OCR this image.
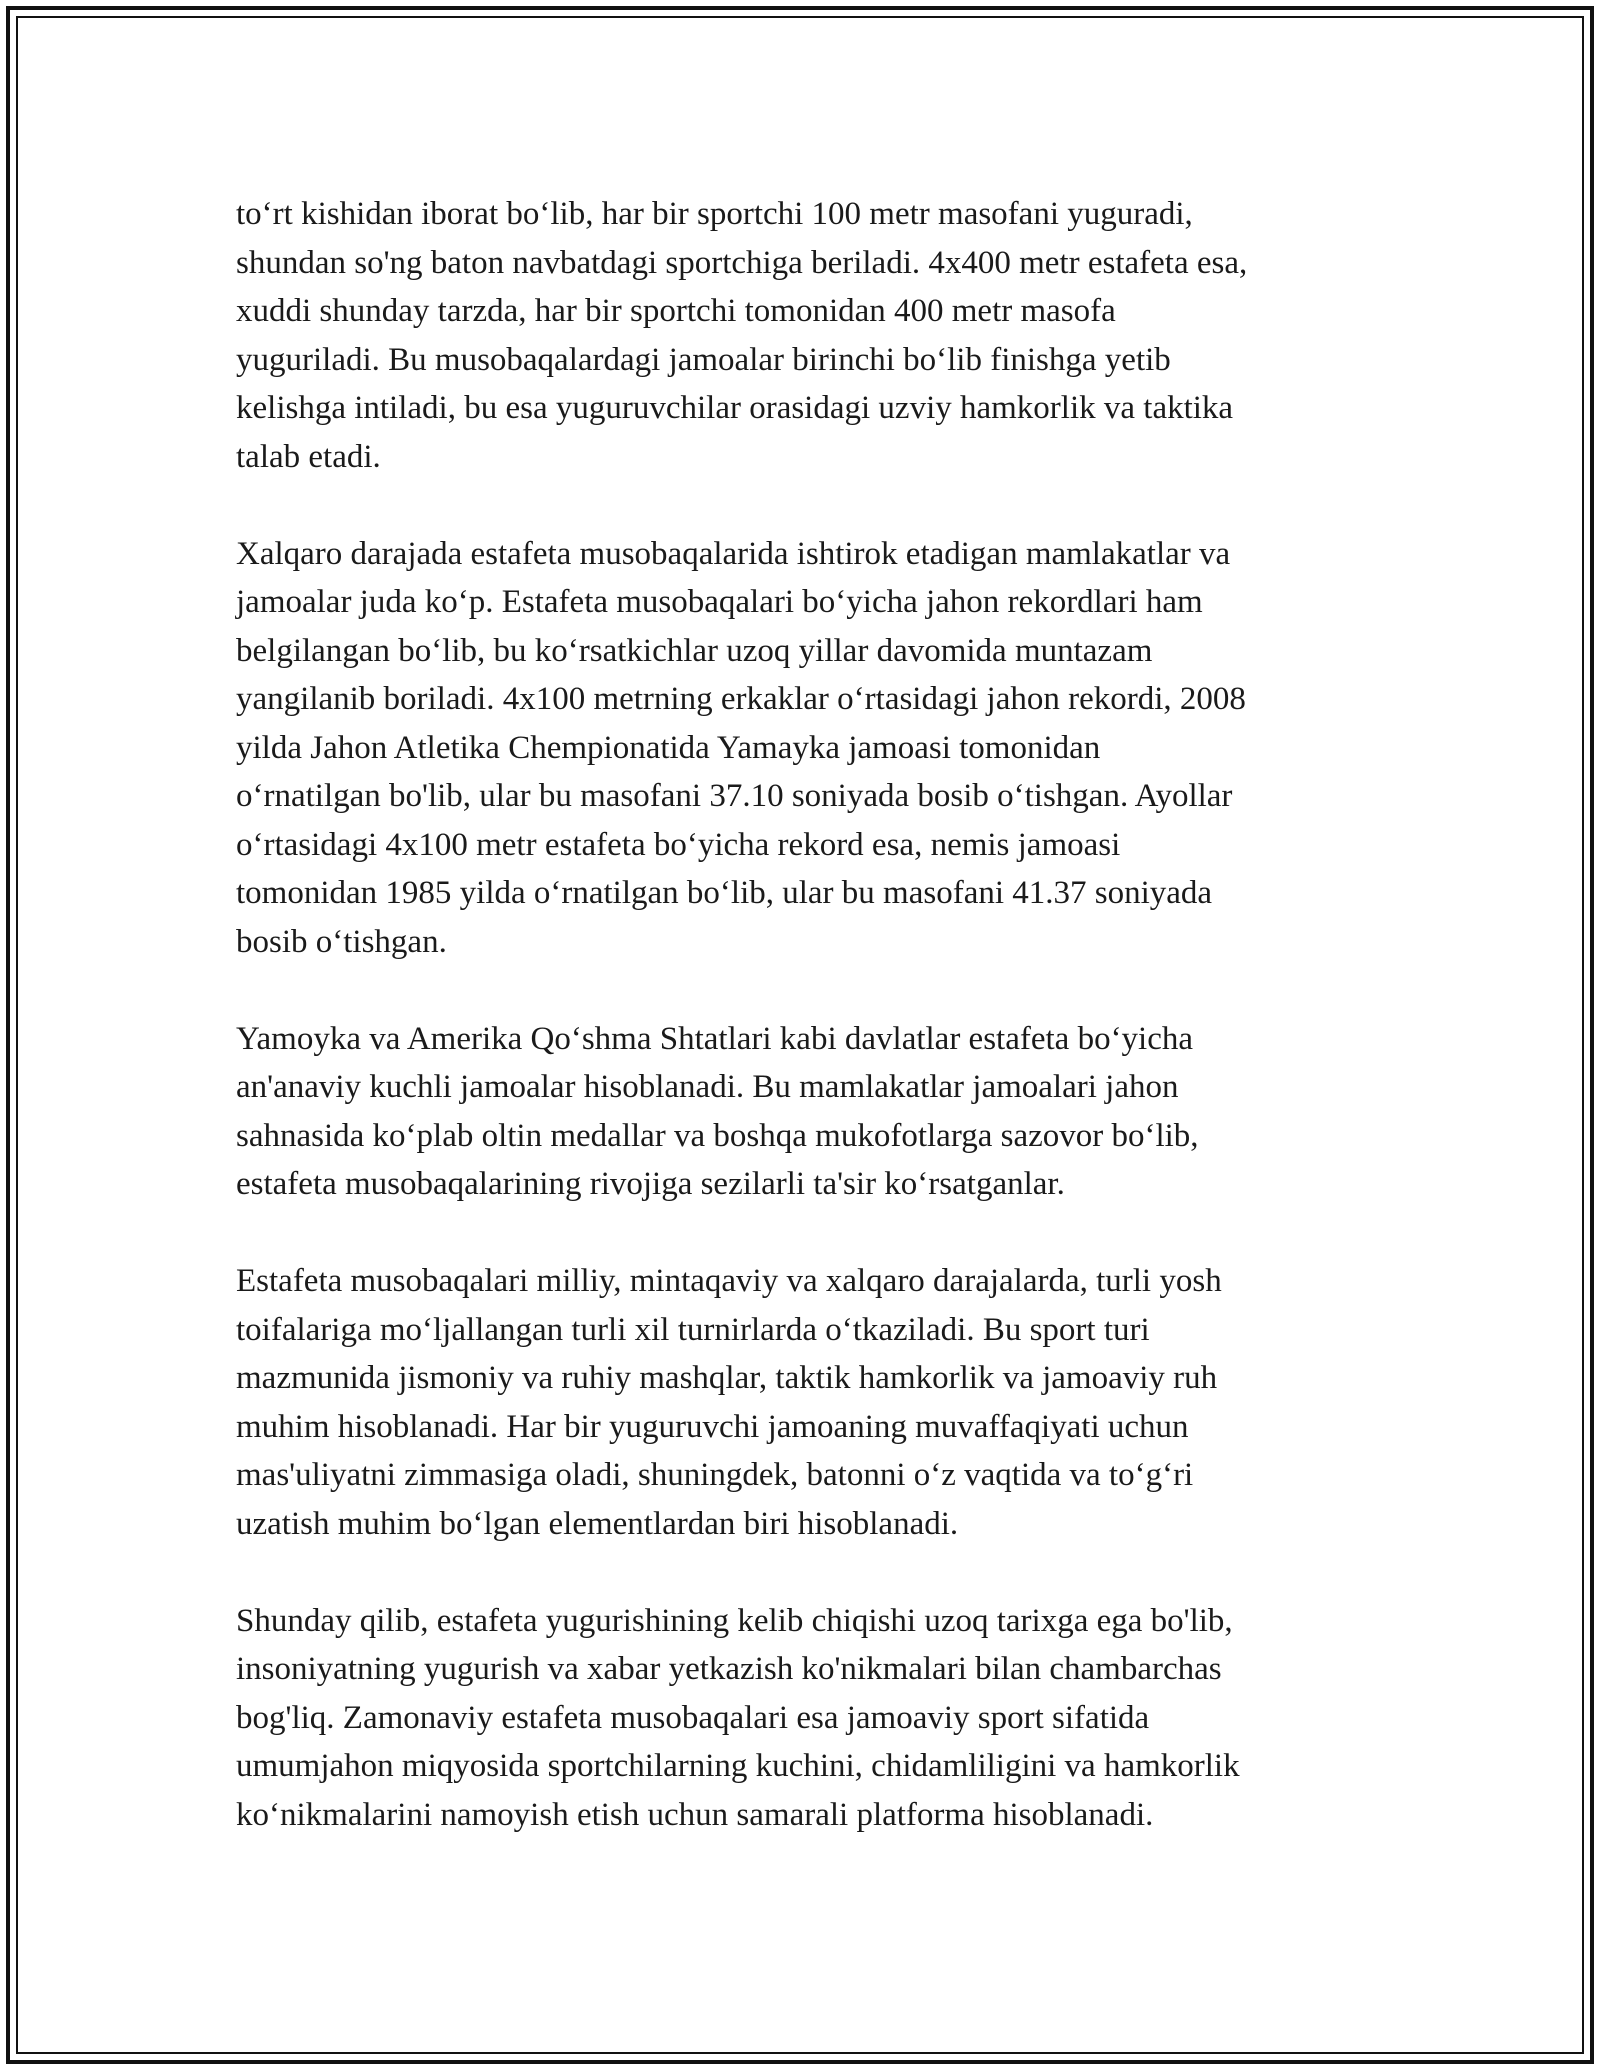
to‘rt kishidan iborat bo‘lib, har bir sportchi 100 metr masofani yuguradi,
shundan so'ng baton navbatdagi sportchiga beriladi. 4x400 metr estafeta esa,
xuddi shunday tarzda, har bir sportchi tomonidan 400 metr masofa
yuguriladi. Bu musobaqalardagi jamoalar birinchi bo‘lib finishga yetib
kelishga intiladi, bu esa yuguruvchilar orasidagi uzviy hamkorlik va taktika
talab etadi.

Xalqaro darajada estafeta musobaqalarida ishtirok etadigan mamlakatlar va
jamoalar juda ko‘p. Estafeta musobaqalari bo‘yicha jahon rekordlari ham
belgilangan bo‘lib, bu ko‘rsatkichlar uzoq yillar davomida muntazam
yangilanib boriladi. 4x100 metrning erkaklar o‘rtasidagi jahon rekordi, 2008
yilda Jahon Atletika Chempionatida Yamayka jamoasi tomonidan
o‘rnatilgan bo'lib, ular bu masofani 37.10 soniyada bosib o‘tishgan. Ayollar
o‘rtasidagi 4x100 metr estafeta bo‘yicha rekord esa, nemis jamoasi
tomonidan 1985 yilda o‘rnatilgan bo‘lib, ular bu masofani 41.37 soniyada
bosib o‘tishgan.

Yamoyka va Amerika Qo‘shma Shtatlari kabi davlatlar estafeta bo‘yicha
an'anaviy kuchli jamoalar hisoblanadi. Bu mamlakatlar jamoalari jahon
sahnasida ko‘plab oltin medallar va boshqa mukofotlarga sazovor bo‘lib,
estafeta musobaqalarining rivojiga sezilarli ta'sir ko‘rsatganlar.

Estafeta musobaqalari milliy, mintaqaviy va xalqaro darajalarda, turli yosh
toifalariga mo‘ljallangan turli xil turnirlarda o‘tkaziladi. Bu sport turi
mazmunida jismoniy va ruhiy mashqlar, taktik hamkorlik va jamoaviy ruh
muhim hisoblanadi. Har bir yuguruvchi jamoaning muvaffaqiyati uchun
mas'uliyatni zimmasiga oladi, shuningdek, batonni o‘z vaqtida va to‘g‘ri
uzatish muhim bo‘lgan elementlardan biri hisoblanadi.

Shunday qilib, estafeta yugurishining kelib chiqishi uzoq tarixga ega bo'lib,
insoniyatning yugurish va xabar yetkazish ko'nikmalari bilan chambarchas
bog'liq. Zamonaviy estafeta musobaqalari esa jamoaviy sport sifatida
umumjahon miqyosida sportchilarning kuchini, chidamliligini va hamkorlik
ko‘nikmalarini namoyish etish uchun samarali platforma hisoblanadi.
